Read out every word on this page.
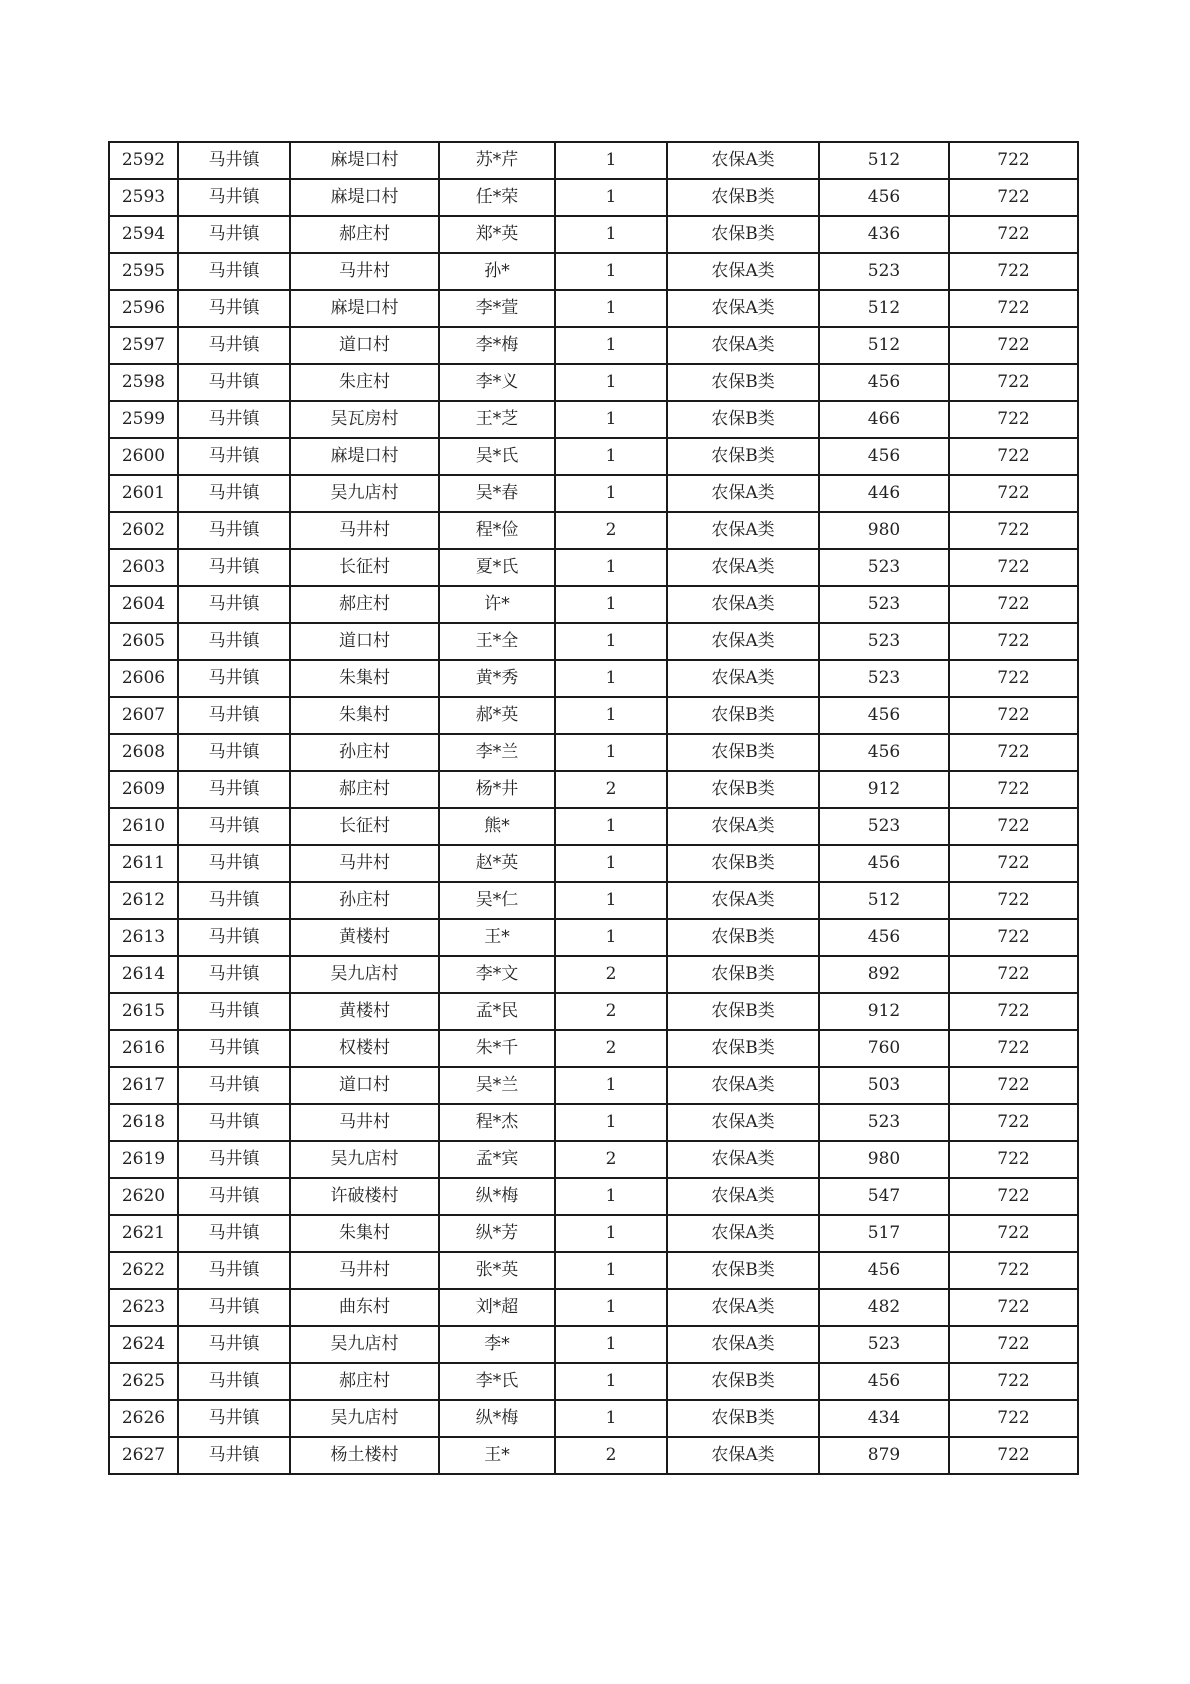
2592	马井镇	麻堤口村	苏*芹	1	农保A类	512	722
2593	马井镇	麻堤口村	任*荣	1	农保B类	456	722
2594	马井镇	郝庄村	郑*英	1	农保B类	436	722
2595	马井镇	马井村	孙*	1	农保A类	523	722
2596	马井镇	麻堤口村	李*萱	1	农保A类	512	722
2597	马井镇	道口村	李*梅	1	农保A类	512	722
2598	马井镇	朱庄村	李*义	1	农保B类	456	722
2599	马井镇	吴瓦房村	王*芝	1	农保B类	466	722
2600	马井镇	麻堤口村	吴*氏	1	农保B类	456	722
2601	马井镇	吴九店村	吴*春	1	农保A类	446	722
2602	马井镇	马井村	程*俭	2	农保A类	980	722
2603	马井镇	长征村	夏*氏	1	农保A类	523	722
2604	马井镇	郝庄村	许*	1	农保A类	523	722
2605	马井镇	道口村	王*全	1	农保A类	523	722
2606	马井镇	朱集村	黄*秀	1	农保A类	523	722
2607	马井镇	朱集村	郝*英	1	农保B类	456	722
2608	马井镇	孙庄村	李*兰	1	农保B类	456	722
2609	马井镇	郝庄村	杨*井	2	农保B类	912	722
2610	马井镇	长征村	熊*	1	农保A类	523	722
2611	马井镇	马井村	赵*英	1	农保B类	456	722
2612	马井镇	孙庄村	吴*仁	1	农保A类	512	722
2613	马井镇	黄楼村	王*	1	农保B类	456	722
2614	马井镇	吴九店村	李*文	2	农保B类	892	722
2615	马井镇	黄楼村	孟*民	2	农保B类	912	722
2616	马井镇	权楼村	朱*千	2	农保B类	760	722
2617	马井镇	道口村	吴*兰	1	农保A类	503	722
2618	马井镇	马井村	程*杰	1	农保A类	523	722
2619	马井镇	吴九店村	孟*宾	2	农保A类	980	722
2620	马井镇	许破楼村	纵*梅	1	农保A类	547	722
2621	马井镇	朱集村	纵*芳	1	农保A类	517	722
2622	马井镇	马井村	张*英	1	农保B类	456	722
2623	马井镇	曲东村	刘*超	1	农保A类	482	722
2624	马井镇	吴九店村	李*	1	农保A类	523	722
2625	马井镇	郝庄村	李*氏	1	农保B类	456	722
2626	马井镇	吴九店村	纵*梅	1	农保B类	434	722
2627	马井镇	杨土楼村	王*	2	农保A类	879	722
